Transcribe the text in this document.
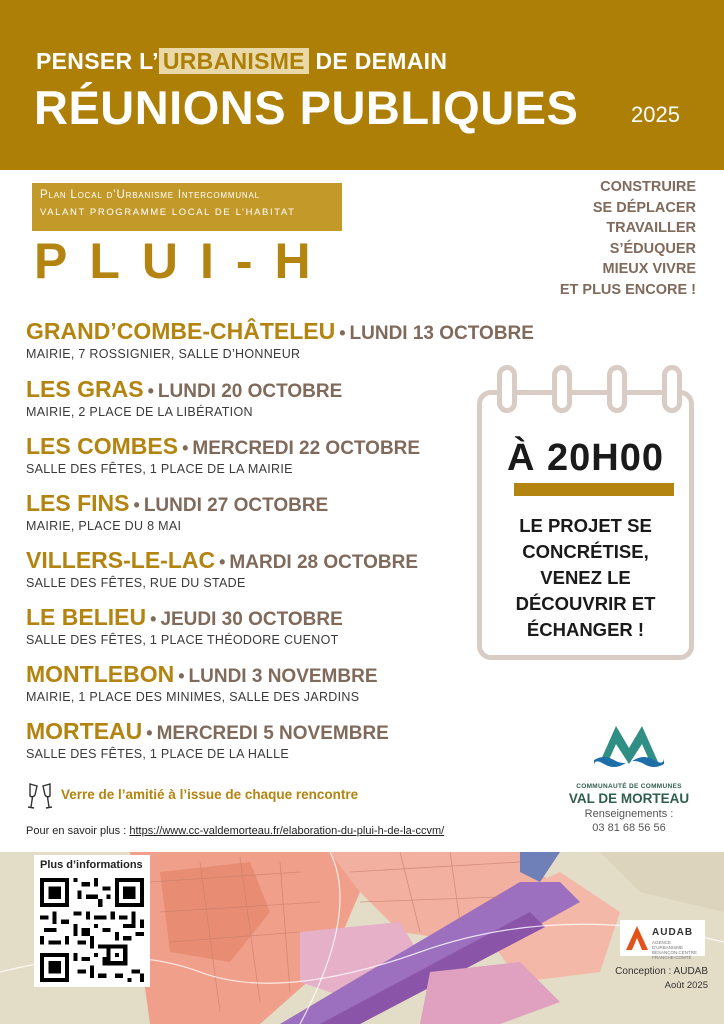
PENSER L’ URBANISME DE DEMAIN
RÉUNIONS PUBLIQUES 2025
Plan Local d’Urbanisme Intercommunal
VALANT PROGRAMME LOCAL DE L’HABITAT
PLUI-H
CONSTRUIRE
SE DÉPLACER
TRAVAILLER
S’ÉDUQUER
MIEUX VIVRE
ET PLUS ENCORE !
GRAND’COMBE-CHÂTELEU • LUNDI 13 OCTOBRE
MAIRIE, 7 ROSSIGNIER, SALLE D’HONNEUR
LES GRAS • LUNDI 20 OCTOBRE
MAIRIE, 2 PLACE DE LA LIBÉRATION
LES COMBES • MERCREDI 22 OCTOBRE
SALLE DES FÊTES, 1 PLACE DE LA MAIRIE
LES FINS • LUNDI 27 OCTOBRE
MAIRIE, PLACE DU 8 MAI
VILLERS-LE-LAC • MARDI 28 OCTOBRE
SALLE DES FÊTES, RUE DU STADE
LE BELIEU • JEUDI 30 OCTOBRE
SALLE DES FÊTES, 1 PLACE THÉODORE CUENOT
MONTLEBON • LUNDI 3 NOVEMBRE
MAIRIE, 1 PLACE DES MINIMES, SALLE DES JARDINS
MORTEAU • MERCREDI 5 NOVEMBRE
SALLE DES FÊTES, 1 PLACE DE LA HALLE
À 20H00
LE PROJET SE
CONCRÉTISE,
VENEZ LE
DÉCOUVRIR ET
ÉCHANGER !
COMMUNAUTÉ DE COMMUNES
VAL DE MORTEAU
Renseignements :
03 81 68 56 56
Verre de l’amitié à l’issue de chaque rencontre
Pour en savoir plus : https://www.cc-valdemorteau.fr/elaboration-du-plui-h-de-la-ccvm/
Plus d’informations
AUDAB
AGENCE D’URBANISME BESANÇON CENTRE FRANCHE-COMTÉ
Conception : AUDAB
Août 2025
